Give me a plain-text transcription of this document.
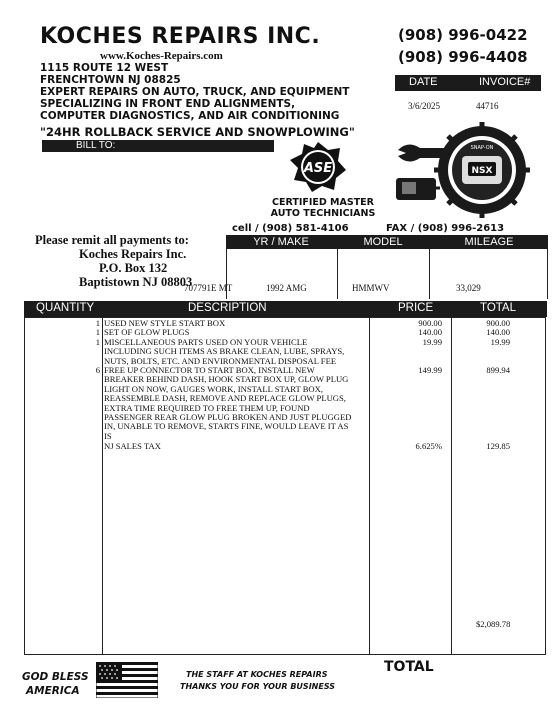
KOCHES REPAIRS INC.
www.Koches-Repairs.com
1115 ROUTE 12 WEST
FRENCHTOWN NJ 08825
EXPERT REPAIRS ON AUTO, TRUCK, AND EQUIPMENT
SPECIALIZING IN FRONT END ALIGNMENTS,
COMPUTER DIAGNOSTICS, AND AIR CONDITIONING
"24HR ROLLBACK SERVICE AND SNOWPLOWING"
(908) 996-0422
(908) 996-4408
DATE	INVOICE#
3/6/2025	44716
BILL TO:
ASE
CERTIFIED MASTER
AUTO TECHNICIANS
NSX
SNAP-ON
Please remit all payments to:
Koches Repairs Inc.
P.O. Box 132
Baptistown NJ 08803
cell / (908) 581-4106	FAX / (908) 996-2613
YR / MAKE	MODEL	MILEAGE
707791E MT	1992 AMG	HMMWV	33,029
QUANTITY	DESCRIPTION	PRICE	TOTAL
1 USED NEW STYLE START BOX	900.00	900.00
1 SET OF GLOW PLUGS	140.00	140.00
1 MISCELLANEOUS PARTS USED ON YOUR VEHICLE	19.99	19.99
INCLUDING SUCH ITEMS AS BRAKE CLEAN, LUBE, SPRAYS,
NUTS, BOLTS, ETC. AND ENVIRONMENTAL DISPOSAL FEE
6 FREE UP CONNECTOR TO START BOX, INSTALL NEW	149.99	899.94
BREAKER BEHIND DASH, HOOK START BOX UP, GLOW PLUG
LIGHT ON NOW, GAUGES WORK, INSTALL START BOX,
REASSEMBLE DASH, REMOVE AND REPLACE GLOW PLUGS,
EXTRA TIME REQUIRED TO FREE THEM UP, FOUND
PASSENGER REAR GLOW PLUG BROKEN AND JUST PLUGGED
IN, UNABLE TO REMOVE, STARTS FINE, WOULD LEAVE IT AS
IS
NJ SALES TAX	6.625%	129.85
$2,089.78
GOD BLESS
AMERICA
THE STAFF AT KOCHES REPAIRS
THANKS YOU FOR YOUR BUSINESS
TOTAL
